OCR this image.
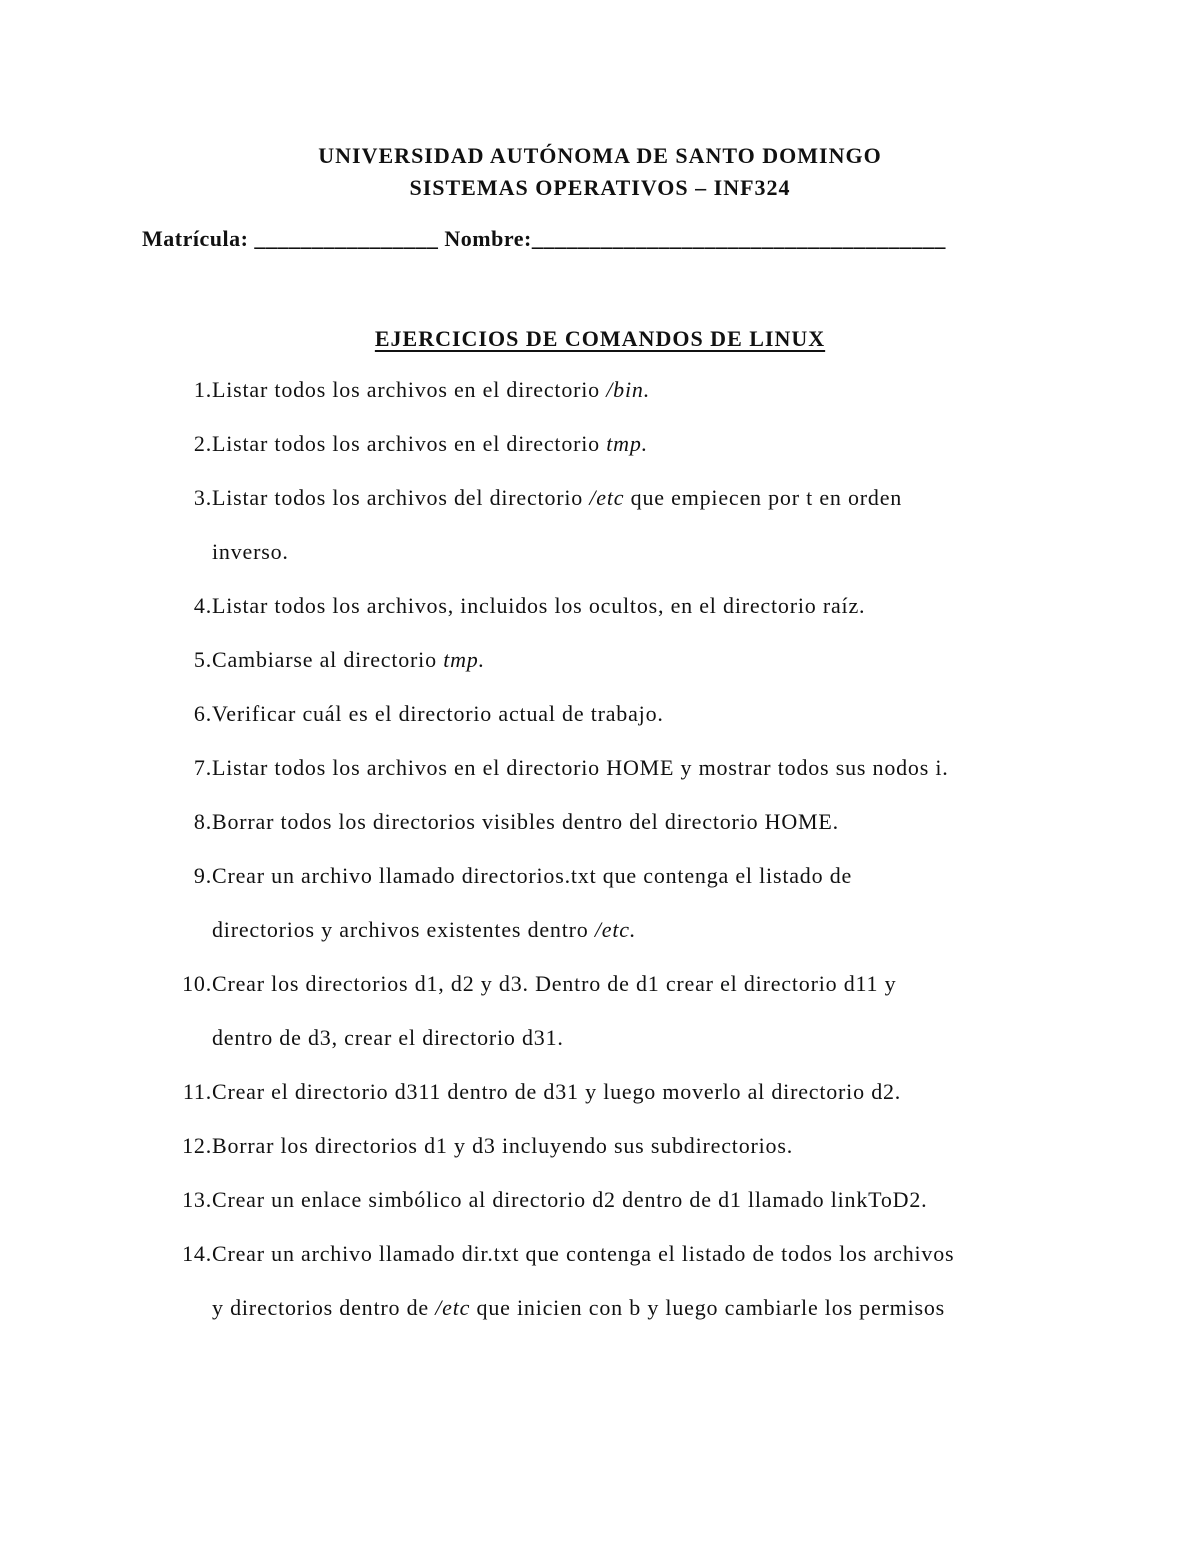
UNIVERSIDAD AUTÓNOMA DE SANTO DOMINGO
SISTEMAS OPERATIVOS – INF324
Matrícula: ________________ Nombre:____________________________________
EJERCICIOS DE COMANDOS DE LINUX
1. Listar todos los archivos en el directorio /bin.
2. Listar todos los archivos en el directorio tmp.
3. Listar todos los archivos del directorio /etc que empiecen por t en orden
inverso.
4. Listar todos los archivos, incluidos los ocultos, en el directorio raíz.
5. Cambiarse al directorio tmp.
6. Verificar cuál es el directorio actual de trabajo.
7. Listar todos los archivos en el directorio HOME y mostrar todos sus nodos i.
8. Borrar todos los directorios visibles dentro del directorio HOME.
9. Crear un archivo llamado directorios.txt que contenga el listado de
directorios y archivos existentes dentro /etc.
10. Crear los directorios d1, d2 y d3. Dentro de d1 crear el directorio d11 y
dentro de d3, crear el directorio d31.
11. Crear el directorio d311 dentro de d31 y luego moverlo al directorio d2.
12. Borrar los directorios d1 y d3 incluyendo sus subdirectorios.
13. Crear un enlace simbólico al directorio d2 dentro de d1 llamado linkToD2.
14. Crear un archivo llamado dir.txt que contenga el listado de todos los archivos
y directorios dentro de /etc que inicien con b y luego cambiarle los permisos
